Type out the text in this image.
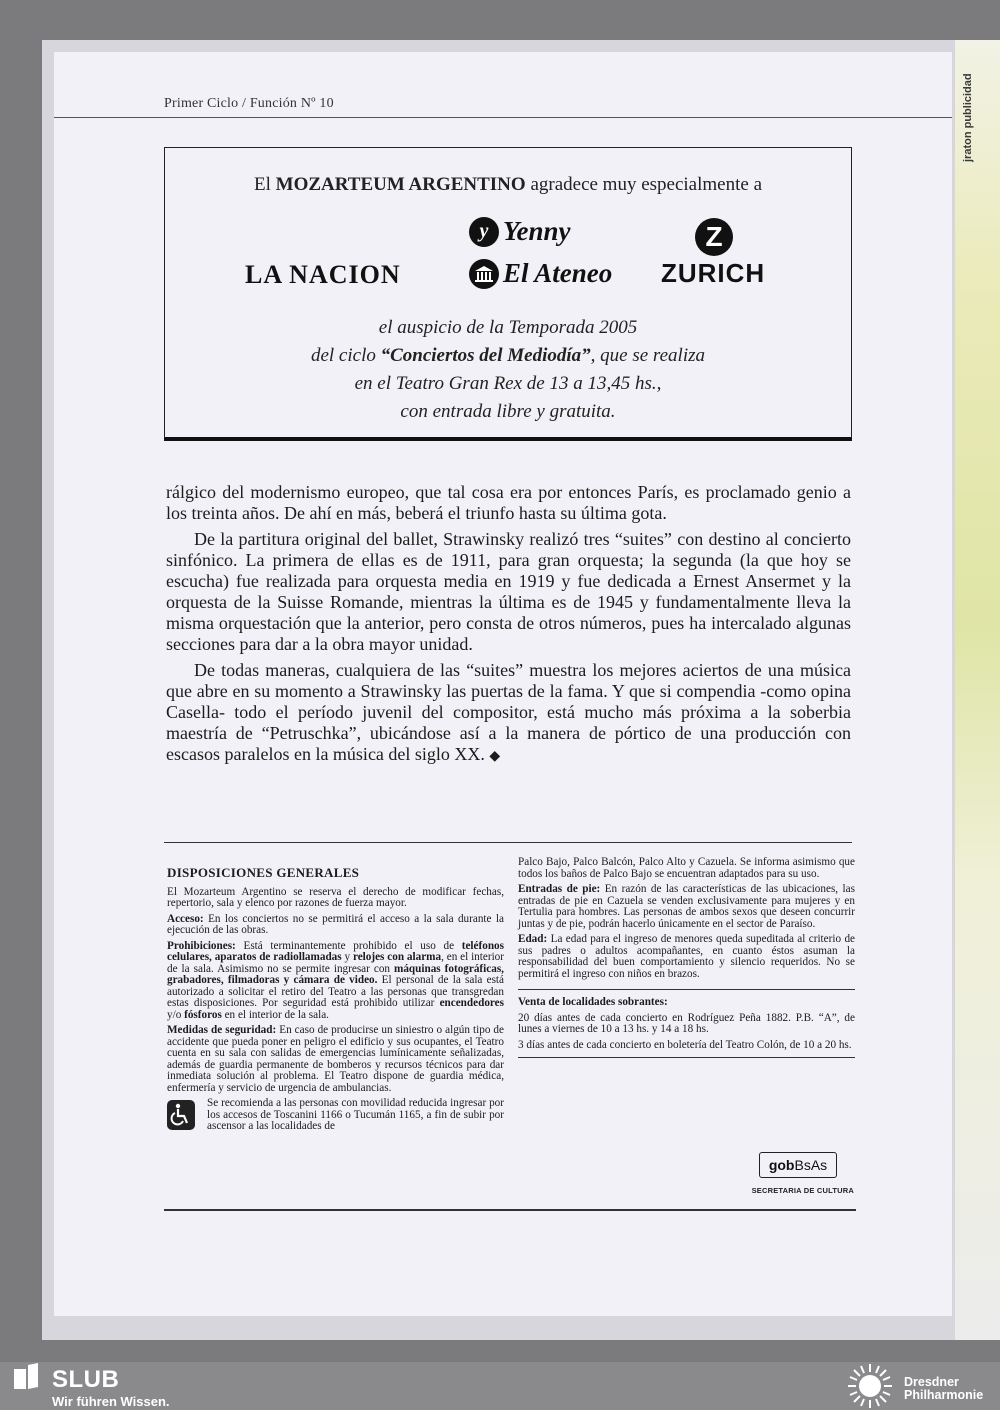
jraton publicidad
Primer Ciclo / Función Nº 10
El MOZARTEUM ARGENTINO agradece muy especialmente a
LA NACION
y Yenny
El Ateneo
Z
ZURICH
el auspicio de la Temporada 2005
del ciclo “Conciertos del Mediodía”, que se realiza
en el Teatro Gran Rex de 13 a 13,45 hs.,
con entrada libre y gratuita.

rálgico del modernismo europeo, que tal cosa era por entonces París, es proclamado genio a los treinta años. De ahí en más, beberá el triunfo hasta su última gota.

De la partitura original del ballet, Strawinsky realizó tres “suites” con destino al concierto sinfónico. La primera de ellas es de 1911, para gran orquesta; la segunda (la que hoy se escucha) fue realizada para orquesta media en 1919 y fue dedicada a Ernest Ansermet y la orquesta de la Suisse Romande, mientras la última es de 1945 y fundamentalmente lleva la misma orquestación que la anterior, pero consta de otros números, pues ha intercalado algunas secciones para dar a la obra mayor unidad.

De todas maneras, cualquiera de las “suites” muestra los mejores aciertos de una música que abre en su momento a Strawinsky las puertas de la fama. Y que si compendia -como opina Casella- todo el período juvenil del compositor, está mucho más próxima a la soberbia maestría de “Petruschka”, ubicándose así a la manera de pórtico de una producción con escasos paralelos en la música del siglo XX. ◆

DISPOSICIONES GENERALES

El Mozarteum Argentino se reserva el derecho de modificar fechas, repertorio, sala y elenco por razones de fuerza mayor.

Acceso: En los conciertos no se permitirá el acceso a la sala durante la ejecución de las obras.

Prohibiciones: Está terminantemente prohibido el uso de teléfonos celulares, aparatos de radiollamadas y relojes con alarma, en el interior de la sala. Asimismo no se permite ingresar con máquinas fotográficas, grabadores, filmadoras y cámara de video. El personal de la sala está autorizado a solicitar el retiro del Teatro a las personas que transgredan estas disposiciones. Por seguridad está prohibido utilizar encendedores y/o fósforos en el interior de la sala.

Medidas de seguridad: En caso de producirse un siniestro o algún tipo de accidente que pueda poner en peligro el edificio y sus ocupantes, el Teatro cuenta en su sala con salidas de emergencias lumínicamente señalizadas, además de guardia permanente de bomberos y recursos técnicos para dar inmediata solución al problema. El Teatro dispone de guardia médica, enfermería y servicio de urgencia de ambulancias.

Se recomienda a las personas con movilidad reducida ingresar por los accesos de Toscanini 1166 o Tucumán 1165, a fin de subir por ascensor a las localidades de

Palco Bajo, Palco Balcón, Palco Alto y Cazuela. Se informa asimismo que todos los baños de Palco Bajo se encuentran adaptados para su uso.

Entradas de pie: En razón de las características de las ubicaciones, las entradas de pie en Cazuela se venden exclusivamente para mujeres y en Tertulia para hombres. Las personas de ambos sexos que deseen concurrir juntas y de pie, podrán hacerlo únicamente en el sector de Paraíso.

Edad: La edad para el ingreso de menores queda supeditada al criterio de sus padres o adultos acompañantes, en cuanto éstos asuman la responsabilidad del buen comportamiento y silencio requeridos. No se permitirá el ingreso con niños en brazos.

Venta de localidades sobrantes:

20 días antes de cada concierto en Rodríguez Peña 1882. P.B. “A”, de lunes a viernes de 10 a 13 hs. y 14 a 18 hs.

3 días antes de cada concierto en boletería del Teatro Colón, de 10 a 20 hs.

gob BsAs
SECRETARIA DE CULTURA
SLUB
Wir führen Wissen.
Dresdner
Philharmonie
